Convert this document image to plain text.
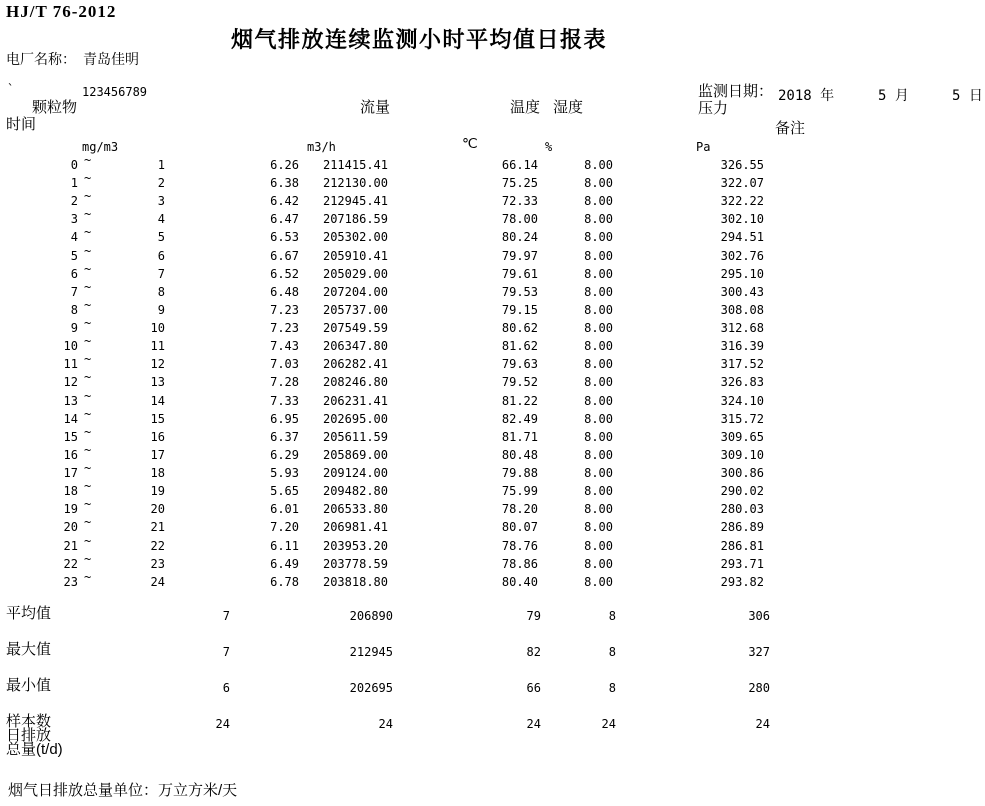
HJ/T 76-2012
烟气排放连续监测小时平均值日报表
电厂名称： 青岛佳明
`	123456789	监测日期： 2018 年	5 月	5 日
颗粒物	流量	温度 湿度	压力
时间	备注
mg/m3	m3/h	℃	%	Pa
0 ~	1	6.26	211415.41	66.14	8.00	326.55
1 ~	2	6.38	212130.00	75.25	8.00	322.07
2 ~	3	6.42	212945.41	72.33	8.00	322.22
3 ~	4	6.47	207186.59	78.00	8.00	302.10
4 ~	5	6.53	205302.00	80.24	8.00	294.51
5 ~	6	6.67	205910.41	79.97	8.00	302.76
6 ~	7	6.52	205029.00	79.61	8.00	295.10
7 ~	8	6.48	207204.00	79.53	8.00	300.43
8 ~	9	7.23	205737.00	79.15	8.00	308.08
9 ~	10	7.23	207549.59	80.62	8.00	312.68
10 ~	11	7.43	206347.80	81.62	8.00	316.39
11 ~	12	7.03	206282.41	79.63	8.00	317.52
12 ~	13	7.28	208246.80	79.52	8.00	326.83
13 ~	14	7.33	206231.41	81.22	8.00	324.10
14 ~	15	6.95	202695.00	82.49	8.00	315.72
15 ~	16	6.37	205611.59	81.71	8.00	309.65
16 ~	17	6.29	205869.00	80.48	8.00	309.10
17 ~	18	5.93	209124.00	79.88	8.00	300.86
18 ~	19	5.65	209482.80	75.99	8.00	290.02
19 ~	20	6.01	206533.80	78.20	8.00	280.03
20 ~	21	7.20	206981.41	80.07	8.00	286.89
21 ~	22	6.11	203953.20	78.76	8.00	286.81
22 ~	23	6.49	203778.59	78.86	8.00	293.71
23 ~	24	6.78	203818.80	80.40	8.00	293.82
平均值	7	206890	79	8	306
最大值	7	212945	82	8	327
最小值	6	202695	66	8	280
样本数	24	24	24	24	24
日排放
总量(t/d)
烟气日排放总量单位：万立方米/天
